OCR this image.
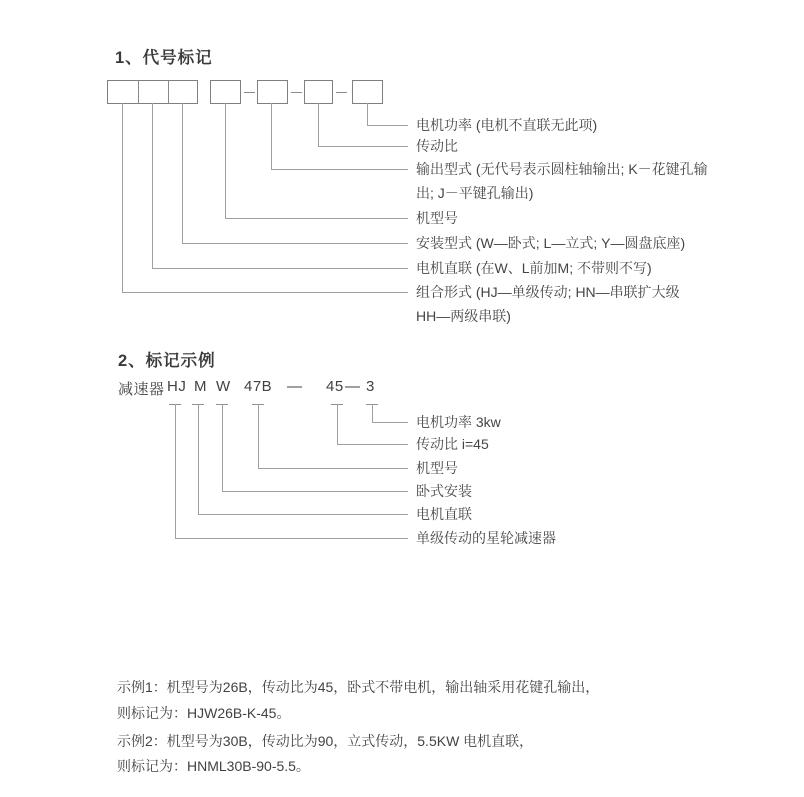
1、代号标记
电机功率 (电机不直联无此项)
传动比
输出型式 (无代号表示圆柱轴输出; K－花键孔输
出; J－平键孔输出)
机型号
安装型式 (W—卧式; L—立式; Y—圆盘底座)
电机直联 (在W、L前加M; 不带则不写)
组合形式 (HJ—单级传动; HN—串联扩大级
HH—两级串联)
2、标记示例
减速器 HJ M W 47B — 45 — 3
电机功率 3kw
传动比 i=45
机型号
卧式安装
电机直联
单级传动的星轮减速器
示例1：机型号为26B，传动比为45，卧式不带电机，输出轴采用花键孔输出，
则标记为：HJW26B-K-45。
示例2：机型号为30B，传动比为90，立式传动，5.5KW 电机直联，
则标记为：HNML30B-90-5.5。
